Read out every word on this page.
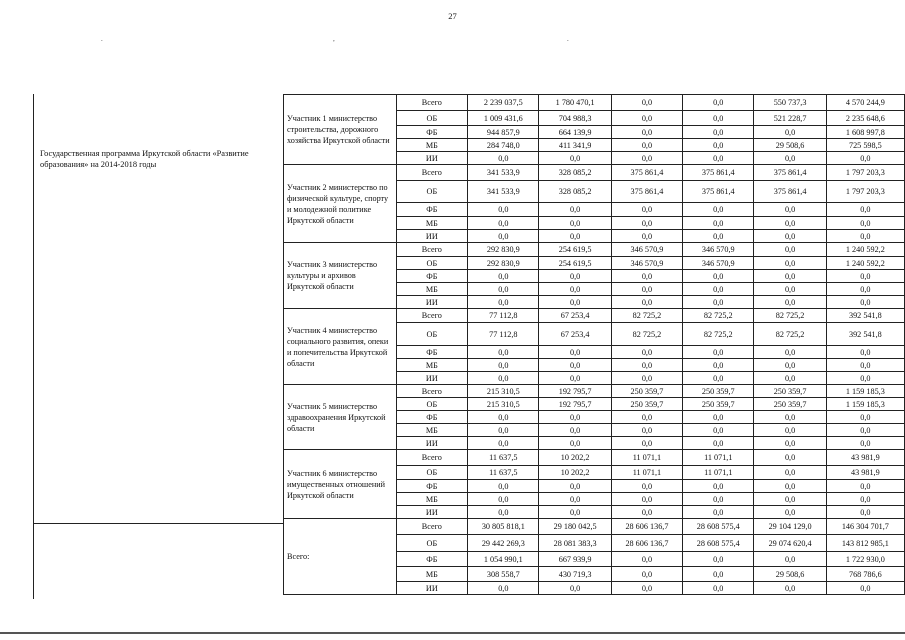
27
.	,	.
Государственная программа Иркутской области «Развитие образования» на 2014-2018 годы
Участник 1 министерство строительства, дорожного хозяйства Иркутской области	Всего	2 239 037,5	1 780 470,1	0,0	0,0	550 737,3	4 570 244,9
	ОБ	1 009 431,6	704 988,3	0,0	0,0	521 228,7	2 235 648,6
	ФБ	944 857,9	664 139,9	0,0	0,0	0,0	1 608 997,8
	МБ	284 748,0	411 341,9	0,0	0,0	29 508,6	725 598,5
	ИИ	0,0	0,0	0,0	0,0	0,0	0,0
Участник 2 министерство по физической культуре, спорту и молодежной политике Иркутской области	Всего	341 533,9	328 085,2	375 861,4	375 861,4	375 861,4	1 797 203,3
	ОБ	341 533,9	328 085,2	375 861,4	375 861,4	375 861,4	1 797 203,3
	ФБ	0,0	0,0	0,0	0,0	0,0	0,0
	МБ	0,0	0,0	0,0	0,0	0,0	0,0
	ИИ	0,0	0,0	0,0	0,0	0,0	0,0
Участник 3 министерство культуры и архивов Иркутской области	Всего	292 830,9	254 619,5	346 570,9	346 570,9	0,0	1 240 592,2
	ОБ	292 830,9	254 619,5	346 570,9	346 570,9	0,0	1 240 592,2
	ФБ	0,0	0,0	0,0	0,0	0,0	0,0
	МБ	0,0	0,0	0,0	0,0	0,0	0,0
	ИИ	0,0	0,0	0,0	0,0	0,0	0,0
Участник 4 министерство социального развития, опеки и попечительства Иркутской области	Всего	77 112,8	67 253,4	82 725,2	82 725,2	82 725,2	392 541,8
	ОБ	77 112,8	67 253,4	82 725,2	82 725,2	82 725,2	392 541,8
	ФБ	0,0	0,0	0,0	0,0	0,0	0,0
	МБ	0,0	0,0	0,0	0,0	0,0	0,0
	ИИ	0,0	0,0	0,0	0,0	0,0	0,0
Участник 5 министерство здравоохранения Иркутской области	Всего	215 310,5	192 795,7	250 359,7	250 359,7	250 359,7	1 159 185,3
	ОБ	215 310,5	192 795,7	250 359,7	250 359,7	250 359,7	1 159 185,3
	ФБ	0,0	0,0	0,0	0,0	0,0	0,0
	МБ	0,0	0,0	0,0	0,0	0,0	0,0
	ИИ	0,0	0,0	0,0	0,0	0,0	0,0
Участник 6 министерство имущественных отношений Иркутской области	Всего	11 637,5	10 202,2	11 071,1	11 071,1	0,0	43 981,9
	ОБ	11 637,5	10 202,2	11 071,1	11 071,1	0,0	43 981,9
	ФБ	0,0	0,0	0,0	0,0	0,0	0,0
	МБ	0,0	0,0	0,0	0,0	0,0	0,0
	ИИ	0,0	0,0	0,0	0,0	0,0	0,0
Всего:	Всего	30 805 818,1	29 180 042,5	28 606 136,7	28 608 575,4	29 104 129,0	146 304 701,7
	ОБ	29 442 269,3	28 081 383,3	28 606 136,7	28 608 575,4	29 074 620,4	143 812 985,1
	ФБ	1 054 990,1	667 939,9	0,0	0,0	0,0	1 722 930,0
	МБ	308 558,7	430 719,3	0,0	0,0	29 508,6	768 786,6
	ИИ	0,0	0,0	0,0	0,0	0,0	0,0
